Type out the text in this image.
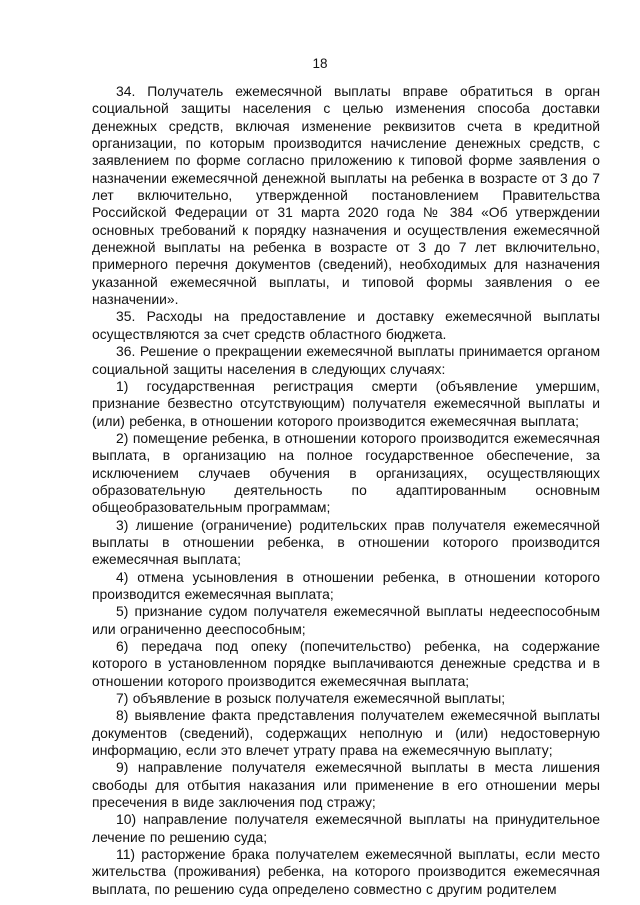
18

34. Получатель ежемесячной выплаты вправе обратиться в орган социальной защиты населения с целью изменения способа доставки денежных средств, включая изменение реквизитов счета в кредитной организации, по которым производится начисление денежных средств, с заявлением по форме согласно приложению к типовой форме заявления о назначении ежемесячной денежной выплаты на ребенка в возрасте от 3 до 7 лет включительно, утвержденной постановлением Правительства Российской Федерации от 31 марта 2020 года № 384 «Об утверждении основных требований к порядку назначения и осуществления ежемесячной денежной выплаты на ребенка в возрасте от 3 до 7 лет включительно, примерного перечня документов (сведений), необходимых для назначения указанной ежемесячной выплаты, и типовой формы заявления о ее назначении».

35. Расходы на предоставление и доставку ежемесячной выплаты осуществляются за счет средств областного бюджета.

36. Решение о прекращении ежемесячной выплаты принимается органом социальной защиты населения в следующих случаях:

1) государственная регистрация смерти (объявление умершим, признание безвестно отсутствующим) получателя ежемесячной выплаты и (или) ребенка, в отношении которого производится ежемесячная выплата;

2) помещение ребенка, в отношении которого производится ежемесячная выплата, в организацию на полное государственное обеспечение, за исключением случаев обучения в организациях, осуществляющих образовательную деятельность по адаптированным основным общеобразовательным программам;

3) лишение (ограничение) родительских прав получателя ежемесячной выплаты в отношении ребенка, в отношении которого производится ежемесячная выплата;

4) отмена усыновления в отношении ребенка, в отношении которого производится ежемесячная выплата;

5) признание судом получателя ежемесячной выплаты недееспособным или ограниченно дееспособным;

6) передача под опеку (попечительство) ребенка, на содержание которого в установленном порядке выплачиваются денежные средства и в отношении которого производится ежемесячная выплата;

7) объявление в розыск получателя ежемесячной выплаты;

8) выявление факта представления получателем ежемесячной выплаты документов (сведений), содержащих неполную и (или) недостоверную информацию, если это влечет утрату права на ежемесячную выплату;

9) направление получателя ежемесячной выплаты в места лишения свободы для отбытия наказания или применение в его отношении меры пресечения в виде заключения под стражу;

10) направление получателя ежемесячной выплаты на принудительное лечение по решению суда;

11) расторжение брака получателем ежемесячной выплаты, если место жительства (проживания) ребенка, на которого производится ежемесячная выплата, по решению суда определено совместно с другим родителем
